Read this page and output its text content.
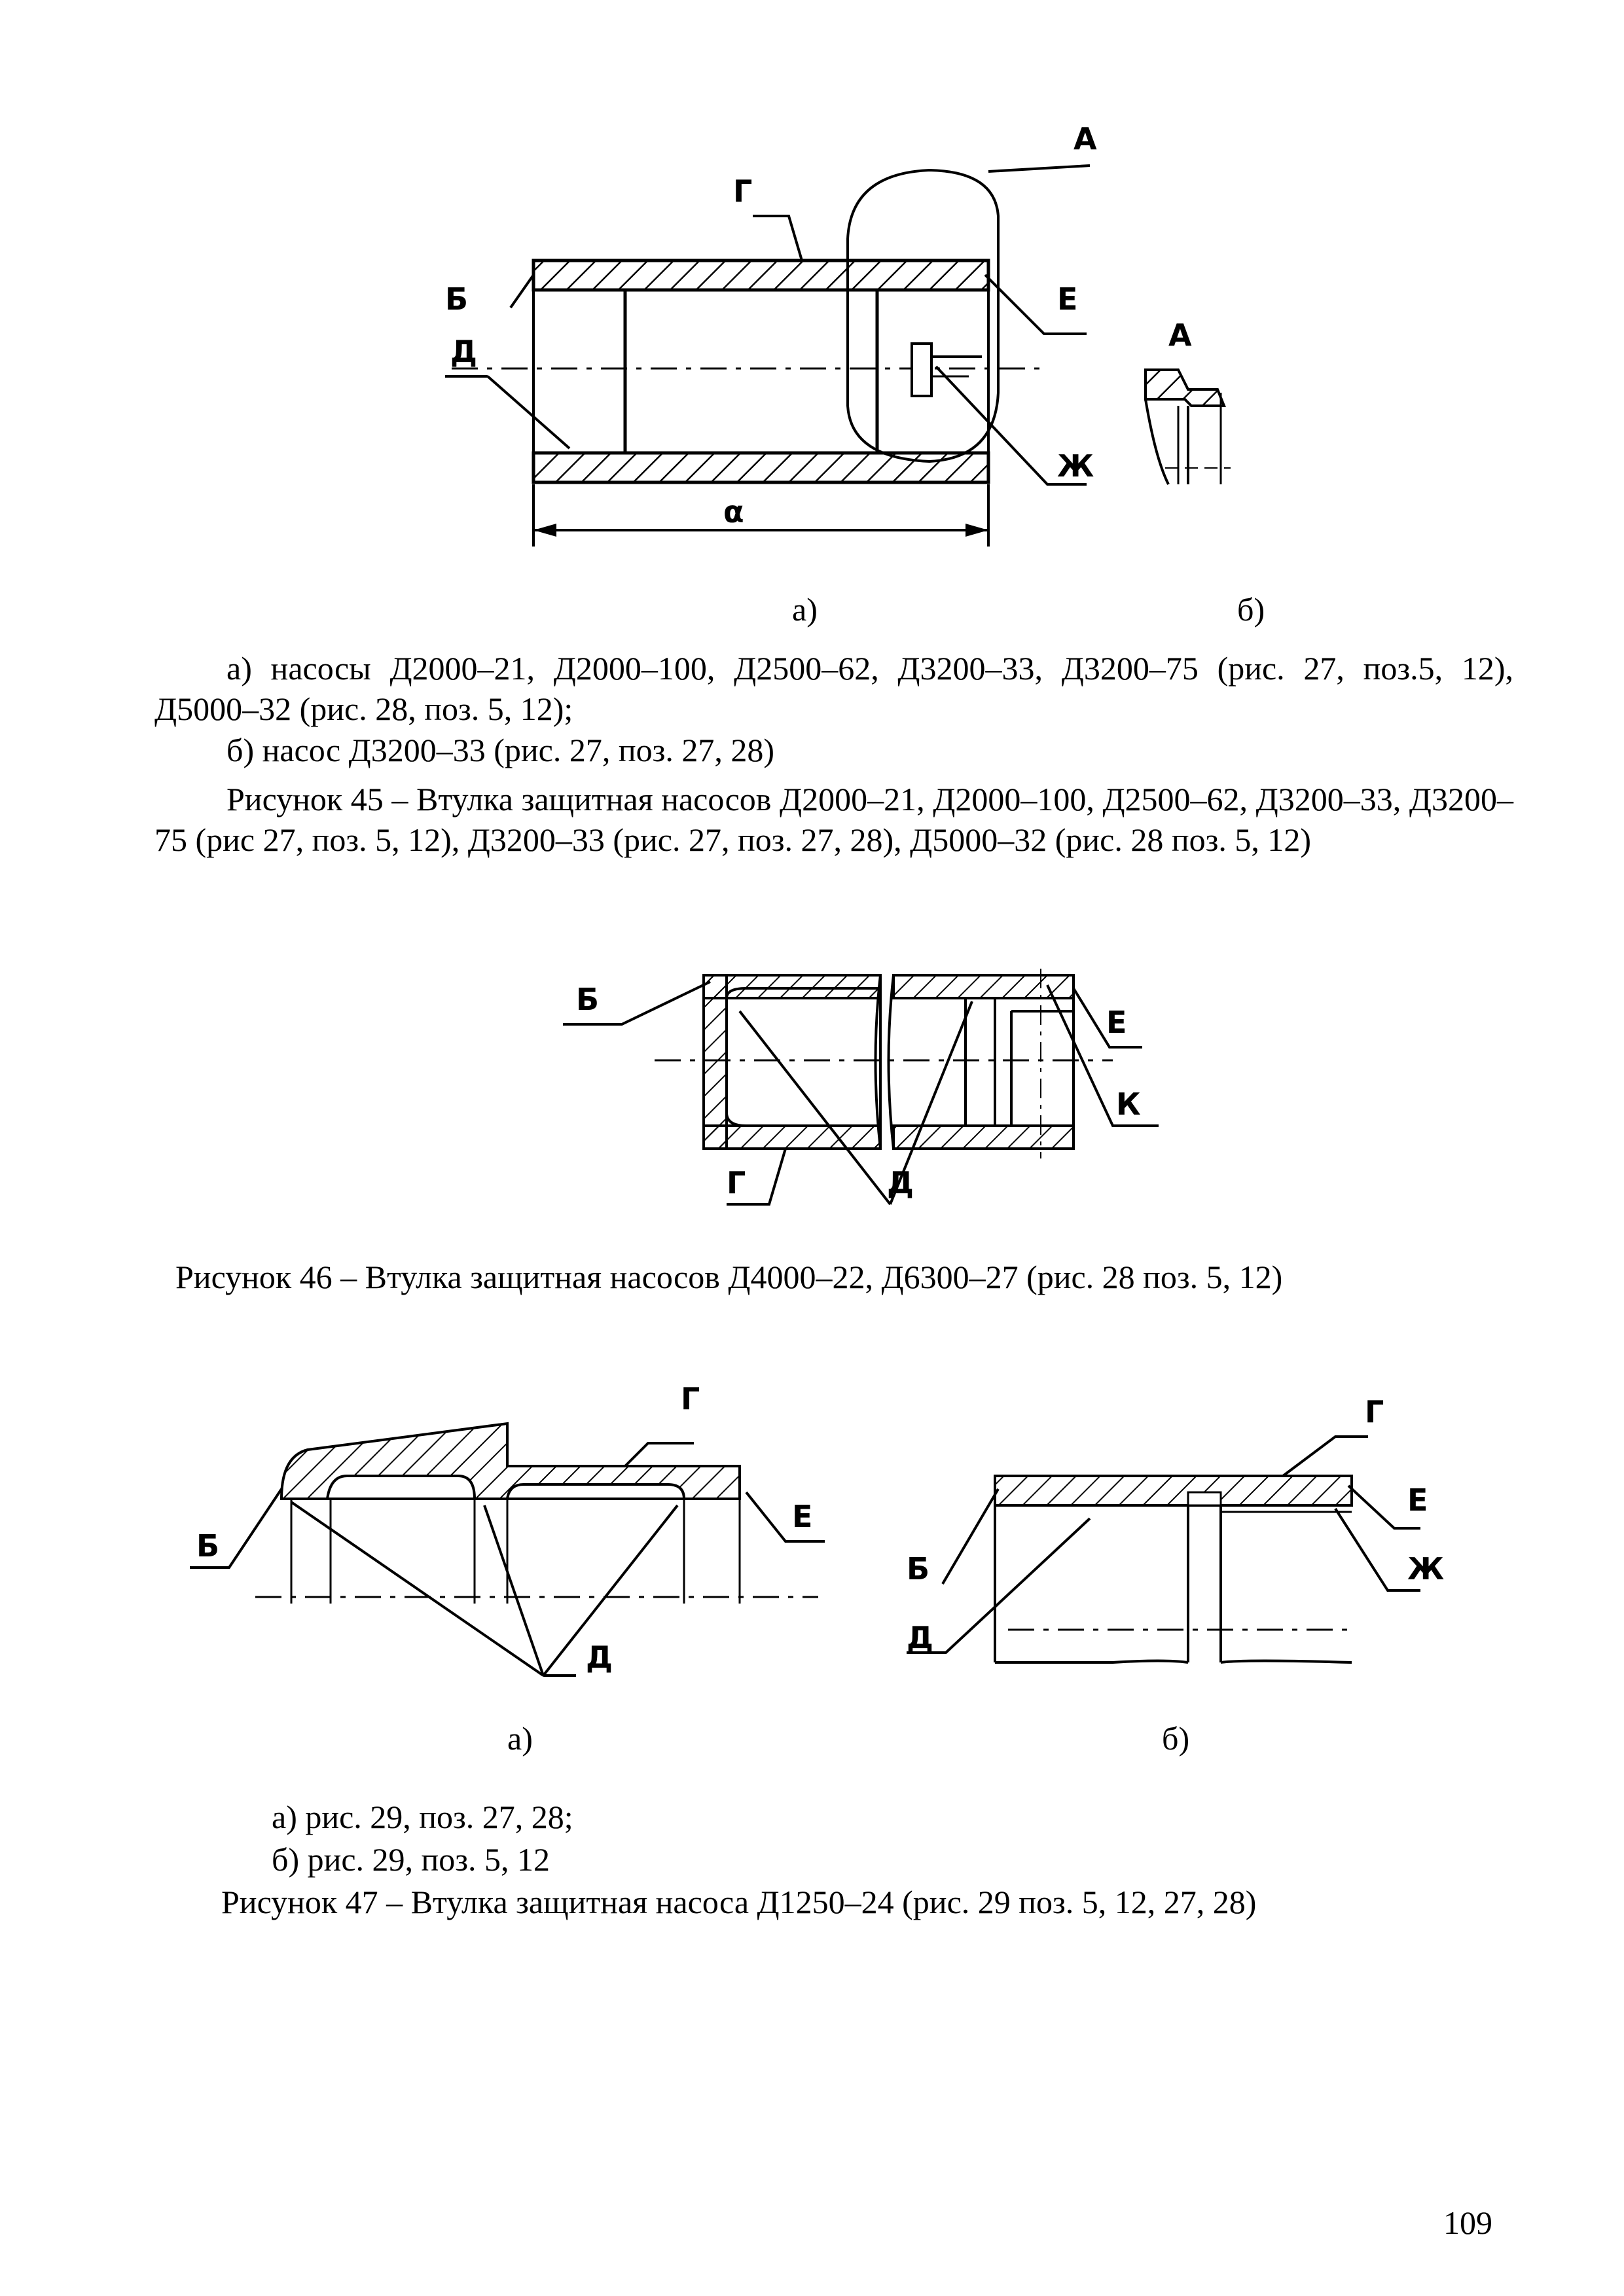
А
Г
Б
Д
Е
Ж
α
А
а)	б)
а) насосы Д2000–21, Д2000–100, Д2500–62, Д3200–33, Д3200–75 (рис. 27, поз.5, 12), Д5000–32 (рис. 28, поз. 5, 12);
б) насос Д3200–33 (рис. 27, поз. 27, 28)
Рисунок 45 – Втулка защитная насосов Д2000–21, Д2000–100, Д2500–62, Д3200–33, Д3200–75 (рис 27, поз. 5, 12), Д3200–33 (рис. 27, поз. 27, 28), Д5000–32 (рис. 28 поз. 5, 12)
Б
Е
К
Г	Д
Рисунок 46 – Втулка защитная насосов Д4000–22, Д6300–27 (рис. 28 поз. 5, 12)
Г
Б
Е
Д
Г
Е
Б	Ж
Д
а)	б)
а) рис. 29, поз. 27, 28;
б) рис. 29, поз. 5, 12
Рисунок 47 – Втулка защитная насоса Д1250–24 (рис. 29 поз. 5, 12, 27, 28)
109
